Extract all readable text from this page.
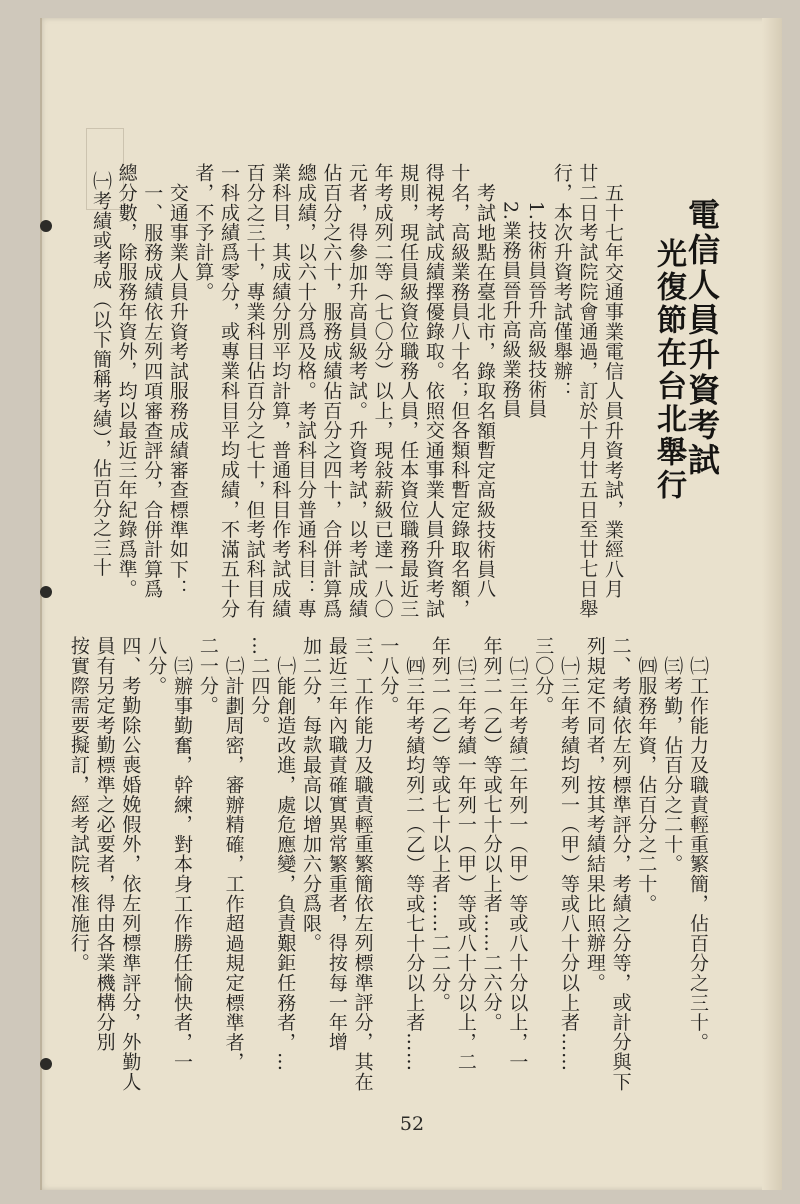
電信人員升資考試
光復節在台北舉行
五十七年交通事業電信人員升資考試，業經八月
廿二日考試院院會通過，訂於十月廿五日至廿七日舉
行，本次升資考試僅舉辦：
1.技術員晉升高級技術員
2.業務員晉升高級業務員
考試地點在臺北市，錄取名額暫定高級技術員八
十名，高級業務員八十名；但各類科暫定錄取名額，
得視考試成績擇優錄取。依照交通事業人員升資考試
規則，現任員級資位職務人員，任本資位職務最近三
年考成列二等（七〇分）以上，現敍薪級已達一八〇
元者，得參加升高員級考試。升資考試，以考試成績
佔百分之六十，服務成績佔百分之四十，合併計算爲
總成績，以六十分爲及格。考試科目分普通科目：專
業科目，其成績分別平均計算，普通科目作考試成績
百分之三十，專業科目佔百分之七十，但考試科目有
一科成績爲零分，或專業科目平均成績，不滿五十分
者，不予計算。
交通事業人員升資考試服務成績審查標準如下：
一、服務成績依左列四項審查評分，合併計算爲
總分數，除服務年資外，均以最近三年紀錄爲準。
㈠考績或考成（以下簡稱考績），佔百分之三十
㈡工作能力及職責輕重繁簡，佔百分之三十。
㈢考勤，佔百分之二十。
㈣服務年資，佔百分之二十。
二、考績依左列標準評分，考績之分等，或計分與下
列規定不同者，按其考績結果比照辦理。
㈠三年考績均列一（甲）等或八十分以上者……
三〇分。
㈡三年考績二年列一（甲）等或八十分以上，一
年列二（乙）等或七十分以上者……二六分。
㈢三年考績一年列一（甲）等或八十分以上，二
年列二（乙）等或七十以上者……二二分。
㈣三年考績均列二（乙）等或七十分以上者……
一八分。
三、工作能力及職責輕重繁簡依左列標準評分，其在
最近三年內職責確實異常繁重者，得按每一年增
加二分，每款最高以增加六分爲限。
㈠能創造改進，處危應變，負責艱鉅任務者，…
…二四分。
㈡計劃周密，審辦精確，工作超過規定標準者，
二一分。
㈢辦事勤奮，幹練，對本身工作勝任愉快者，一
八分。
四、考勤除公喪婚娩假外，依左列標準評分，外勤人
員有另定考勤標準之必要者，得由各業機構分別
按實際需要擬訂，經考試院核准施行。
52
